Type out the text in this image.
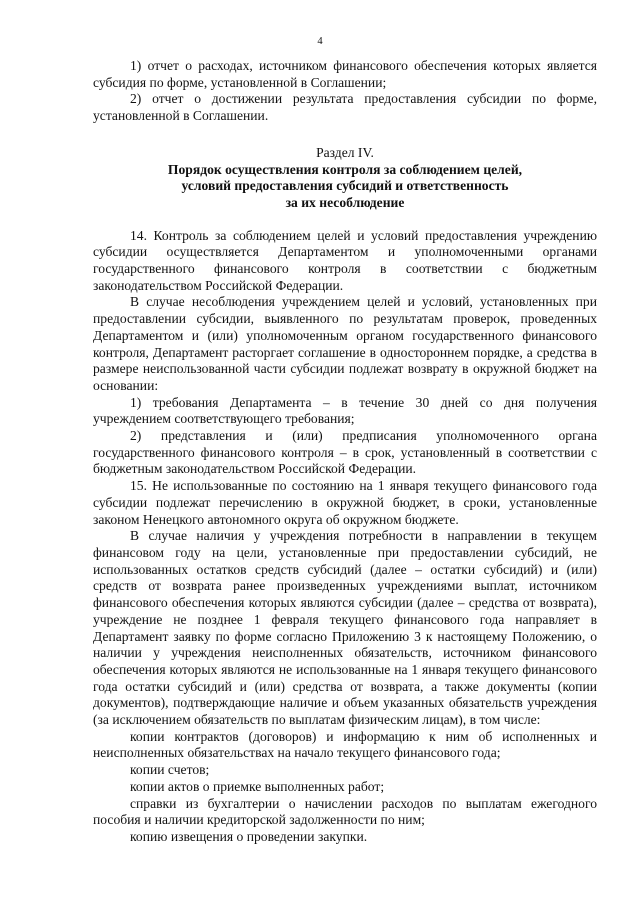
4

1) отчет о расходах, источником финансового обеспечения которых является субсидия по форме, установленной в Соглашении;

2) отчет о достижении результата предоставления субсидии по форме, установленной в Соглашении.

Раздел IV.
Порядок осуществления контроля за соблюдением целей,
условий предоставления субсидий и ответственность
за их несоблюдение

14. Контроль за соблюдением целей и условий предоставления учреждению субсидии осуществляется Департаментом и уполномоченными органами государственного финансового контроля в соответствии с бюджетным законодательством Российской Федерации.

В случае несоблюдения учреждением целей и условий, установленных при предоставлении субсидии, выявленного по результатам проверок, проведенных Департаментом и (или) уполномоченным органом государственного финансового контроля, Департамент расторгает соглашение в одностороннем порядке, а средства в размере неиспользованной части субсидии подлежат возврату в окружной бюджет на основании:

1) требования Департамента – в течение 30 дней со дня получения учреждением соответствующего требования;

2) представления и (или) предписания уполномоченного органа государственного финансового контроля – в срок, установленный в соответствии с бюджетным законодательством Российской Федерации.

15. Не использованные по состоянию на 1 января текущего финансового года субсидии подлежат перечислению в окружной бюджет, в сроки, установленные законом Ненецкого автономного округа об окружном бюджете.

В случае наличия у учреждения потребности в направлении в текущем финансовом году на цели, установленные при предоставлении субсидий, не использованных остатков средств субсидий (далее – остатки субсидий) и (или) средств от возврата ранее произведенных учреждениями выплат, источником финансового обеспечения которых являются субсидии (далее – средства от возврата), учреждение не позднее 1 февраля текущего финансового года направляет в Департамент заявку по форме согласно Приложению 3 к настоящему Положению, о наличии у учреждения неисполненных обязательств, источником финансового обеспечения которых являются не использованные на 1 января текущего финансового года остатки субсидий и (или) средства от возврата, а также документы (копии документов), подтверждающие наличие и объем указанных обязательств учреждения (за исключением обязательств по выплатам физическим лицам), в том числе:

копии контрактов (договоров) и информацию к ним об исполненных и неисполненных обязательствах на начало текущего финансового года;

копии счетов;

копии актов о приемке выполненных работ;

справки из бухгалтерии о начислении расходов по выплатам ежегодного пособия и наличии кредиторской задолженности по ним;

копию извещения о проведении закупки.
